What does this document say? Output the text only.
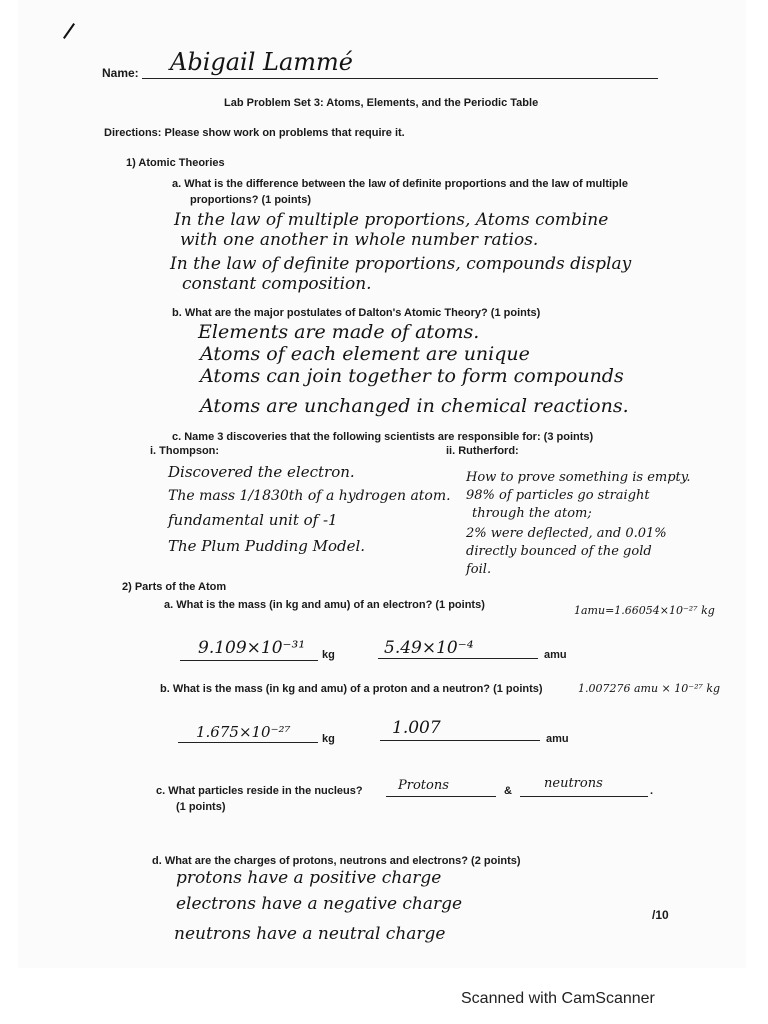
Name: Abigail Lammé
Lab Problem Set 3: Atoms, Elements, and the Periodic Table
Directions: Please show work on problems that require it.
1) Atomic Theories
a. What is the difference between the law of definite proportions and the law of multiple
proportions? (1 points)
In the law of multiple proportions, Atoms combine
with one another in whole number ratios.
In the law of definite proportions, compounds display
constant composition.
b. What are the major postulates of Dalton's Atomic Theory? (1 points)
Elements are made of atoms.
Atoms of each element are unique
Atoms can join together to form compounds
Atoms are unchanged in chemical reactions.
c. Name 3 discoveries that the following scientists are responsible for: (3 points)
i. Thompson:	ii. Rutherford:
Discovered the electron.
The mass 1/1830th of a hydrogen atom.
fundamental unit of -1
The Plum Pudding Model.
How to prove something is empty.
98% of particles go straight
through the atom;
2% were deflected, and 0.01%
directly bounced of the gold
foil.
2) Parts of the Atom
a. What is the mass (in kg and amu) of an electron? (1 points)	1amu=1.66054×10⁻²⁷ kg
9.109×10⁻³¹ kg	5.49×10⁻⁴	amu
b. What is the mass (in kg and amu) of a proton and a neutron? (1 points)	1.007276 amu × 10⁻²⁷ kg
1.675×10⁻²⁷	kg
1.007
amu
c. What particles reside in the nucleus?	Protons	& neutrons	.
(1 points)
d. What are the charges of protons, neutrons and electrons? (2 points)
protons have a positive charge
electrons have a negative charge
neutrons have a neutral charge
/10
Scanned with CamScanner
